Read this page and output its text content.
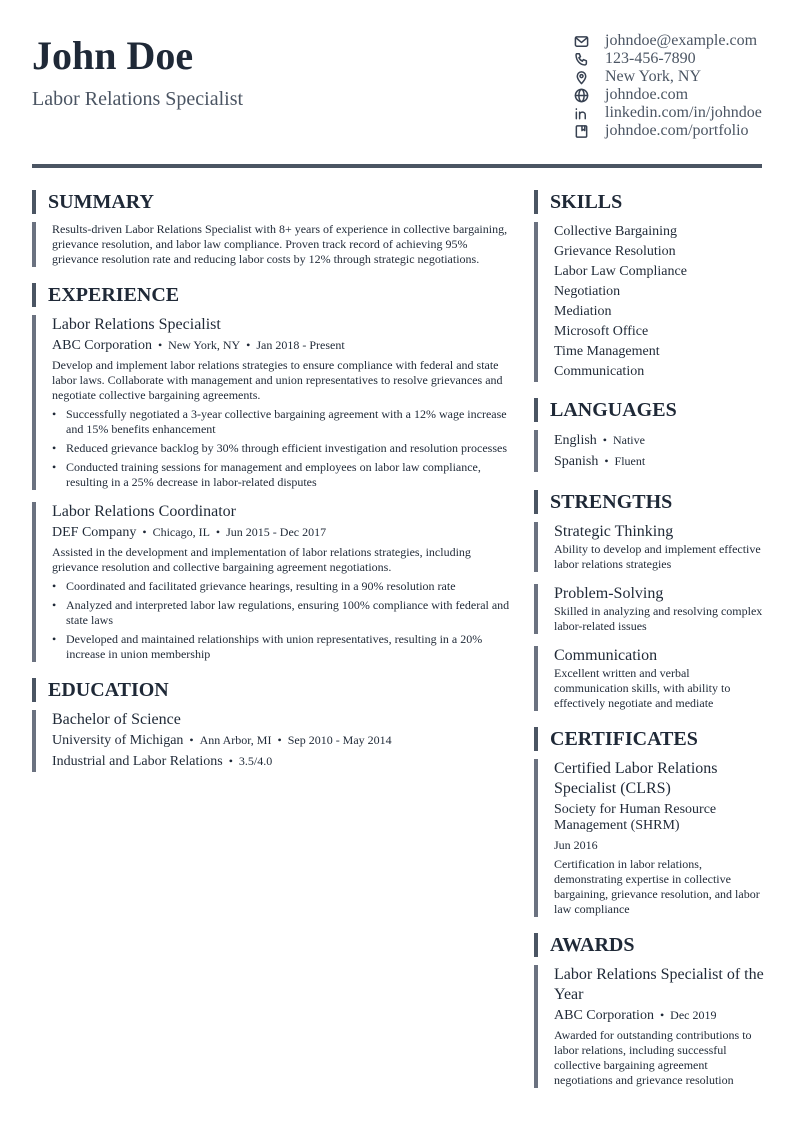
John Doe
Labor Relations Specialist
johndoe@example.com
123-456-7890
New York, NY
johndoe.com
linkedin.com/in/johndoe
johndoe.com/portfolio
SUMMARY
Results-driven Labor Relations Specialist with 8+ years of experience in collective bargaining, grievance resolution, and labor law compliance. Proven track record of achieving 95% grievance resolution rate and reducing labor costs by 12% through strategic negotiations.
EXPERIENCE
Labor Relations Specialist
ABC Corporation • New York, NY • Jan 2018 - Present
Develop and implement labor relations strategies to ensure compliance with federal and state labor laws. Collaborate with management and union representatives to resolve grievances and negotiate collective bargaining agreements.
• Successfully negotiated a 3-year collective bargaining agreement with a 12% wage increase and 15% benefits enhancement
• Reduced grievance backlog by 30% through efficient investigation and resolution processes
• Conducted training sessions for management and employees on labor law compliance, resulting in a 25% decrease in labor-related disputes
Labor Relations Coordinator
DEF Company • Chicago, IL • Jun 2015 - Dec 2017
Assisted in the development and implementation of labor relations strategies, including grievance resolution and collective bargaining agreement negotiations.
• Coordinated and facilitated grievance hearings, resulting in a 90% resolution rate
• Analyzed and interpreted labor law regulations, ensuring 100% compliance with federal and state laws
• Developed and maintained relationships with union representatives, resulting in a 20% increase in union membership
EDUCATION
Bachelor of Science
University of Michigan • Ann Arbor, MI • Sep 2010 - May 2014
Industrial and Labor Relations • 3.5/4.0
SKILLS
Collective Bargaining
Grievance Resolution
Labor Law Compliance
Negotiation
Mediation
Microsoft Office
Time Management
Communication
LANGUAGES
English • Native
Spanish • Fluent
STRENGTHS
Strategic Thinking
Ability to develop and implement effective labor relations strategies
Problem-Solving
Skilled in analyzing and resolving complex labor-related issues
Communication
Excellent written and verbal communication skills, with ability to effectively negotiate and mediate
CERTIFICATES
Certified Labor Relations Specialist (CLRS)
Society for Human Resource Management (SHRM)
Jun 2016
Certification in labor relations, demonstrating expertise in collective bargaining, grievance resolution, and labor law compliance
AWARDS
Labor Relations Specialist of the Year
ABC Corporation • Dec 2019
Awarded for outstanding contributions to labor relations, including successful collective bargaining agreement negotiations and grievance resolution
